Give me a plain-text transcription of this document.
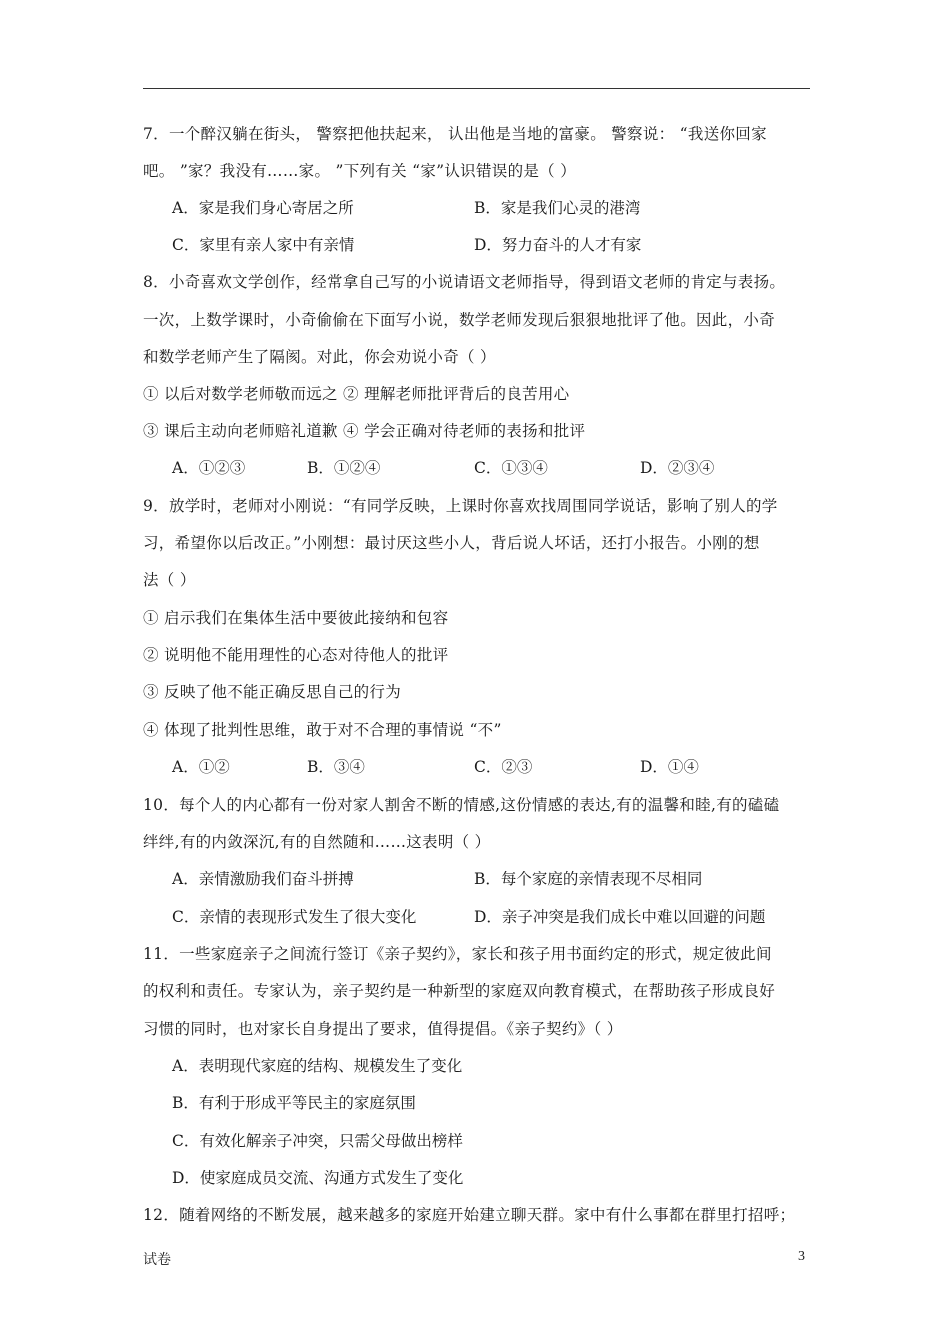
7．一个醉汉躺在街头， 警察把他扶起来， 认出他是当地的富豪。 警察说： “我送你回家
吧。 ”家？我没有……家。 ”下列有关 “家”认识错误的是（ ）
A．家是我们身心寄居之所	B．家是我们心灵的港湾
C．家里有亲人家中有亲情	D．努力奋斗的人才有家
8．小奇喜欢文学创作，经常拿自己写的小说请语文老师指导，得到语文老师的肯定与表扬。
一次，上数学课时，小奇偷偷在下面写小说，数学老师发现后狠狠地批评了他。因此，小奇
和数学老师产生了隔阂。对此，你会劝说小奇（ ）
① 以后对数学老师敬而远之 ② 理解老师批评背后的良苦用心
③ 课后主动向老师赔礼道歉 ④ 学会正确对待老师的表扬和批评
A．①②③	B．①②④	C．①③④	D．②③④
9．放学时，老师对小刚说：“有同学反映，上课时你喜欢找周围同学说话，影响了别人的学
习，希望你以后改正。”小刚想：最讨厌这些小人，背后说人坏话，还打小报告。小刚的想
法（ ）
① 启示我们在集体生活中要彼此接纳和包容
② 说明他不能用理性的心态对待他人的批评
③ 反映了他不能正确反思自己的行为
④ 体现了批判性思维，敢于对不合理的事情说 “不”
A．①②	B．③④	C．②③	D．①④
10．每个人的内心都有一份对家人割舍不断的情感,这份情感的表达,有的温馨和睦,有的磕磕
绊绊,有的内敛深沉,有的自然随和……这表明（ ）
A．亲情激励我们奋斗拼搏	B．每个家庭的亲情表现不尽相同
C．亲情的表现形式发生了很大变化	D．亲子冲突是我们成长中难以回避的问题
11．一些家庭亲子之间流行签订《亲子契约》，家长和孩子用书面约定的形式，规定彼此间
的权利和责任。专家认为，亲子契约是一种新型的家庭双向教育模式，在帮助孩子形成良好
习惯的同时，也对家长自身提出了要求，值得提倡。《亲子契约》（ ）
A．表明现代家庭的结构、规模发生了变化
B．有利于形成平等民主的家庭氛围
C．有效化解亲子冲突，只需父母做出榜样
D．使家庭成员交流、沟通方式发生了变化
12．随着网络的不断发展，越来越多的家庭开始建立聊天群。家中有什么事都在群里打招呼；
试卷	3
